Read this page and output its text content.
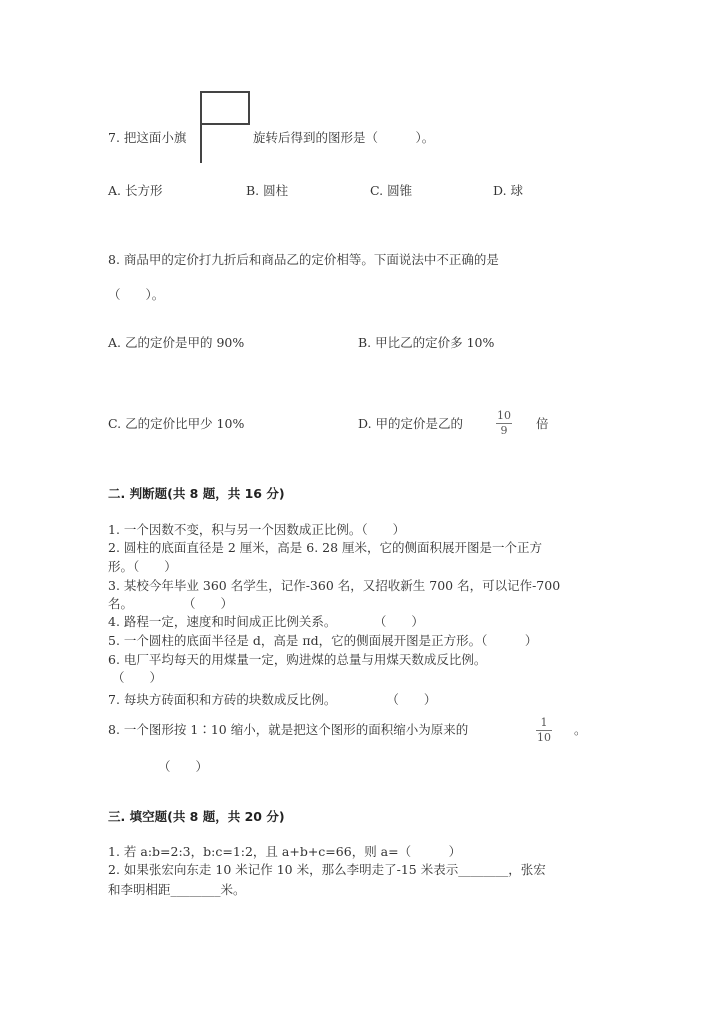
7. 把这面小旗	旋转后得到的图形是（　　　）。
A. 长方形	B. 圆柱	C. 圆锥	D. 球
8. 商品甲的定价打九折后和商品乙的定价相等。下面说法中不正确的是
（　　）。
A. 乙的定价是甲的 90%	B. 甲比乙的定价多 10%
C. 乙的定价比甲少 10%	D. 甲的定价是乙的
10
9 倍
二. 判断题(共 8 题，共 16 分)
1. 一个因数不变，积与另一个因数成正比例。（　　）
2. 圆柱的底面直径是 2 厘米，高是 6. 28 厘米，它的侧面积展开图是一个正方
形。（　　）
3. 某校今年毕业 360 名学生，记作-360 名，又招收新生 700 名，可以记作-700
名。　　　　　（　　）
4. 路程一定，速度和时间成正比例关系。　　　　（　　）
5. 一个圆柱的底面半径是 d，高是 πd，它的侧面展开图是正方形。（　　　）
6. 电厂平均每天的用煤量一定，购进煤的总量与用煤天数成反比例。
（　　）
7. 每块方砖面积和方砖的块数成反比例。　　　　　（　　）
8. 一个图形按 1∶10 缩小，就是把这个图形的面积缩小为原来的	1
10
。
（　　）
三. 填空题(共 8 题，共 20 分)
1. 若 a:b=2:3，b:c=1:2，且 a+b+c=66，则 a=（　　　）
2. 如果张宏向东走 10 米记作 10 米，那么李明走了-15 米表示________，张宏
和李明相距________米。
